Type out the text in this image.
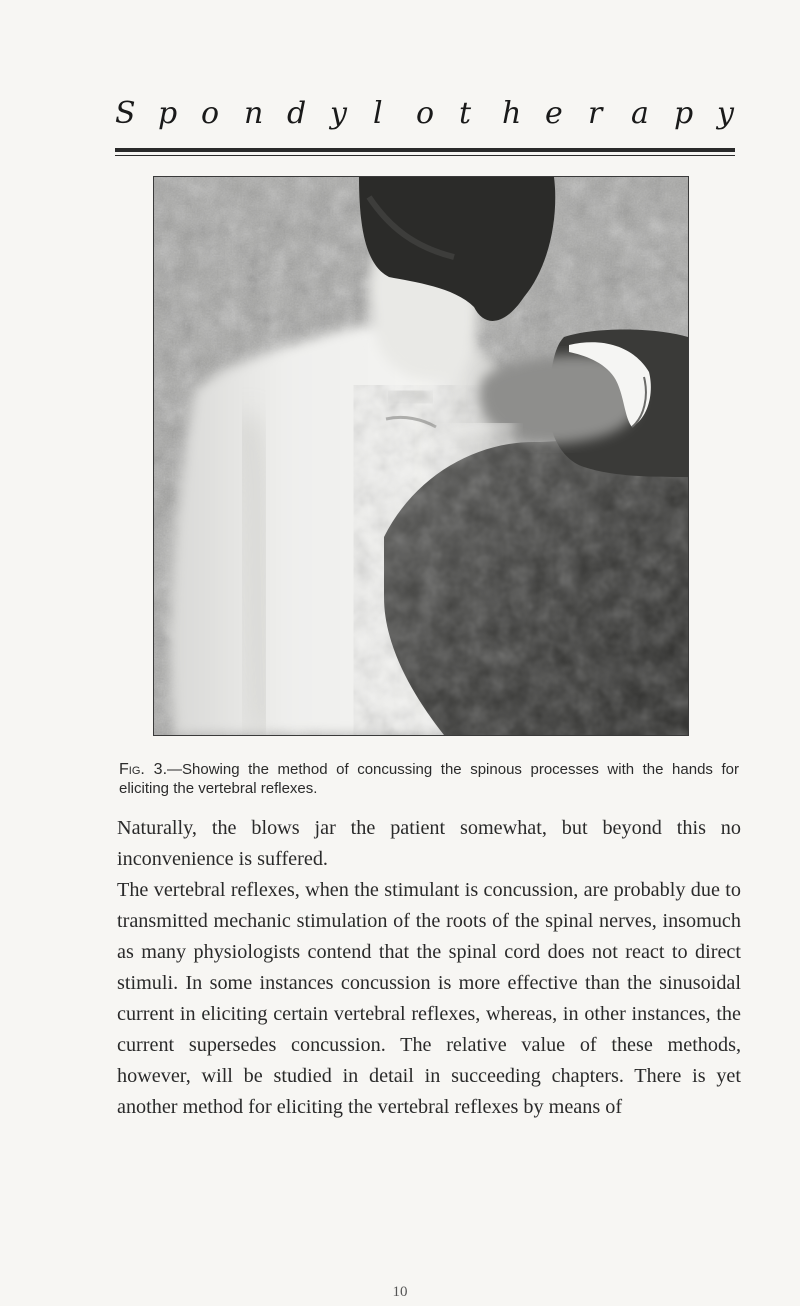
S p o n d y l o t h e r a p y
Fig. 3.—Showing the method of concussing the spinous processes with the hands for eliciting the vertebral reflexes.

Naturally, the blows jar the patient somewhat, but beyond this no inconvenience is suffered.

The vertebral reflexes, when the stimulant is concussion, are probably due to transmitted mechanic stimulation of the roots of the spinal nerves, insomuch as many physiologists contend that the spinal cord does not react to direct stimuli. In some instances concussion is more effective than the sinusoidal current in eliciting certain vertebral reflexes, whereas, in other instances, the current supersedes concussion. The relative value of these methods, however, will be studied in detail in succeeding chapters. There is yet another method for eliciting the vertebral reflexes by means of

10
